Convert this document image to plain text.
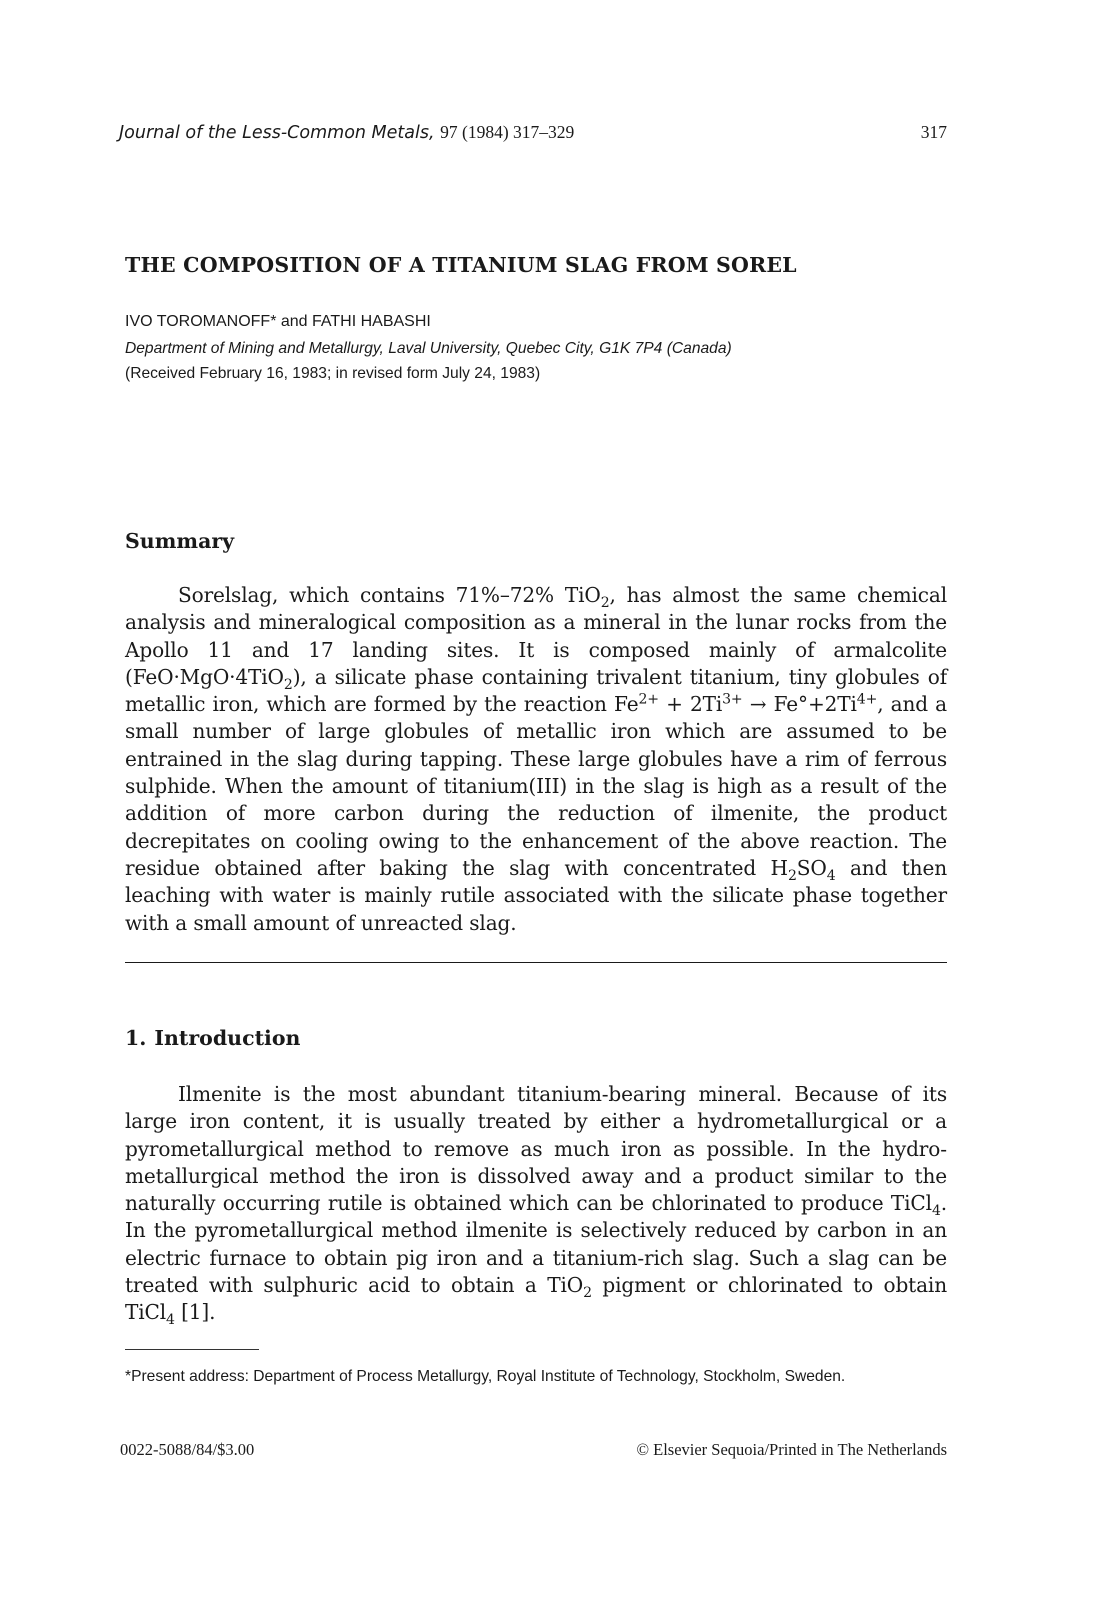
Journal of the Less-Common Metals, 97 (1984) 317–329	317
THE COMPOSITION OF A TITANIUM SLAG FROM SOREL
IVO TOROMANOFF* and FATHI HABASHI
Department of Mining and Metallurgy, Laval University, Quebec City, G1K 7P4 (Canada)
(Received February 16, 1983; in revised form July 24, 1983)
Summary

Sorelslag, which contains 71%–72% TiO$_2$, has almost the same chemical analysis and mineralogical composition as a mineral in the lunar rocks from the Apollo 11 and 17 landing sites. It is composed mainly of armalcolite (FeO·MgO·4TiO$_2$), a silicate phase containing trivalent titanium, tiny globules of metallic iron, which are formed by the reaction $Fe^{2+} + 2Ti^{3+} \to Fe^\circ+2Ti^{4+}$, and a small number of large globules of metallic iron which are assumed to be entrained in the slag during tapping. These large globules have a rim of ferrous sulphide. When the amount of titanium(III) in the slag is high as a result of the addition of more carbon during the reduction of ilmenite, the product decrepitates on cooling owing to the enhancement of the above reaction. The residue obtained after baking the slag with concentrated $H_2SO_4$ and then leaching with water is mainly rutile associated with the silicate phase together with a small amount of unreacted slag.

1. Introduction

Ilmenite is the most abundant titanium-bearing mineral. Because of its large iron content, it is usually treated by either a hydrometallurgical or a pyrometallurgical method to remove as much iron as possible. In the hydrometallurgical method the iron is dissolved away and a product similar to the naturally occurring rutile is obtained which can be chlorinated to produce TiCl$_4$. In the pyrometallurgical method ilmenite is selectively reduced by carbon in an electric furnace to obtain pig iron and a titanium-rich slag. Such a slag can be treated with sulphuric acid to obtain a TiO$_2$ pigment or chlorinated to obtain TiCl$_4$ [1].

*Present address: Department of Process Metallurgy, Royal Institute of Technology, Stockholm, Sweden.
0022-5088/84/$3.00	© Elsevier Sequoia/Printed in The Netherlands
